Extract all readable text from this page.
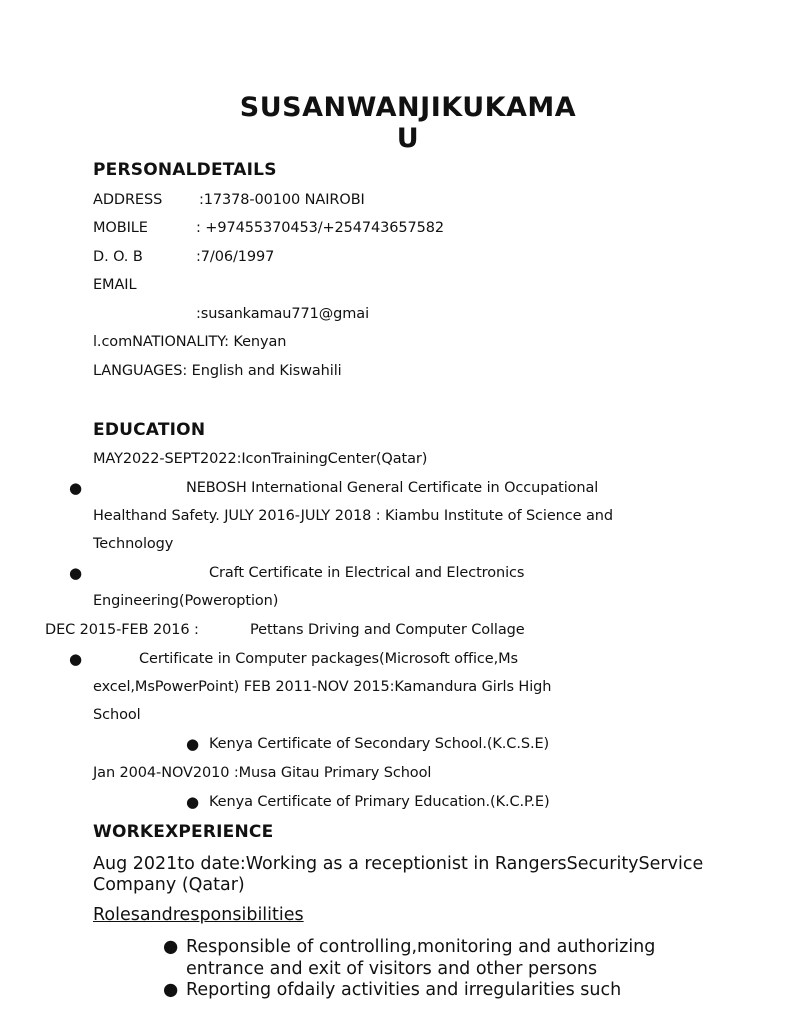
SUSANWANJIKUKAMA
U
PERSONALDETAILS
ADDRESS	:17378-00100 NAIROBI
MOBILE	: +97455370453/+254743657582
D. O. B	:7/06/1997
EMAIL
:susankamau771@gmai
l.comNATIONALITY: Kenyan
LANGUAGES: English and Kiswahili
EDUCATION
MAY2022-SEPT2022:IconTrainingCenter(Qatar)
●	NEBOSH International General Certificate in Occupational
Healthand Safety. JULY 2016-JULY 2018 : Kiambu Institute of Science and
Technology
●	Craft Certificate in Electrical and Electronics
Engineering(Poweroption)
DEC 2015-FEB 2016 :	Pettans Driving and Computer Collage
●	Certificate in Computer packages(Microsoft office,Ms
excel,MsPowerPoint) FEB 2011-NOV 2015:Kamandura Girls High
School
● Kenya Certificate of Secondary School.(K.C.S.E)
Jan 2004-NOV2010 :Musa Gitau Primary School
● Kenya Certificate of Primary Education.(K.C.P.E)
WORKEXPERIENCE
Aug 2021to date:Working as a receptionist in RangersSecurityService
Company (Qatar)
Rolesandresponsibilities
● Responsible of controlling,monitoring and authorizing
entrance and exit of visitors and other persons
● Reporting ofdaily activities and irregularities such
